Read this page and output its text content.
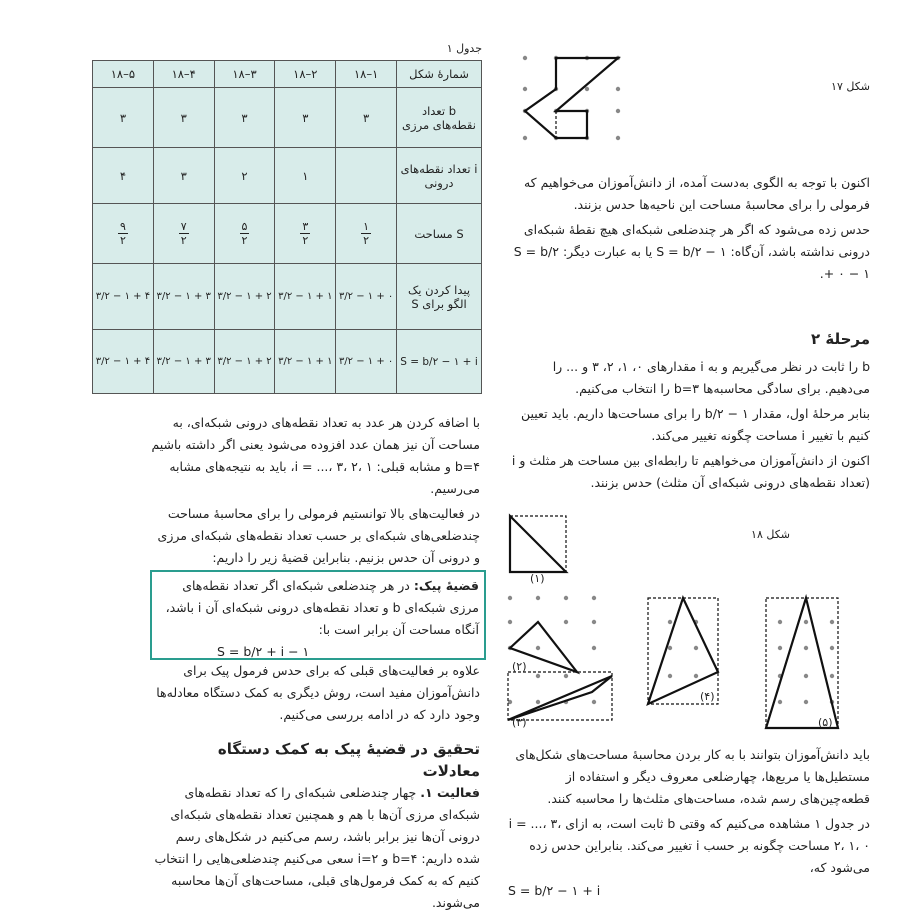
جدول ۱
شمارهٔ شکل	۱–۱۸	۲–۱۸	۳–۱۸	۴–۱۸	۵–۱۸
b تعداد نقطه‌های مرزی	۳	۳	۳	۳	۳
i تعداد نقطه‌های درونی		۱	۲	۳	۴
S مساحت	$\frac{۱}{۲}$	$\frac{۳}{۲}$	$\frac{۵}{۲}$	$\frac{۷}{۲}$	$\frac{۹}{۲}$

پیدا کردن یک الگو برای S	۳/۲ − ۱ + ۰	۳/۲ − ۱ + ۱	۳/۲ − ۱ + ۲	۳/۲ − ۱ + ۳	۳/۲ − ۱ + ۴
S = b/۲ − ۱ + i	۳/۲ − ۱ + ۰	۳/۲ − ۱ + ۱	۳/۲ − ۱ + ۲	۳/۲ − ۱ + ۳	۳/۲ − ۱ + ۴

با اضافه کردن هر عدد به تعداد نقطه‌های درونی شبکه‌ای، به مساحت آن نیز همان عدد افزوده می‌شود یعنی اگر داشته باشیم b=۴ و مشابه قبلی: i = ...، ۳، ۲، ۱، باید به نتیجه‌های مشابه می‌رسیم.

در فعالیت‌های بالا توانستیم فرمولی را برای محاسبهٔ مساحت چندضلعی‌های شبکه‌ای بر حسب تعداد نقطه‌های شبکه‌ای مرزی و درونی آن حدس بزنیم. بنابراین قضیهٔ زیر را داریم:

قضیهٔ پیک: در هر چندضلعی شبکه‌ای اگر تعداد نقطه‌های مرزی شبکه‌ای b و تعداد نقطه‌های درونی شبکه‌ای آن i باشد، آنگاه مساحت آن برابر است با:
S = b/۲ + i − ۱

علاوه بر فعالیت‌های قبلی که برای حدس فرمول پیک برای دانش‌آموزان مفید است، روش دیگری به کمک دستگاه معادله‌ها وجود دارد که در ادامه بررسی می‌کنیم.

تحقیق در قضیهٔ پیک به کمک دستگاه معادلات
فعالیت ۱. چهار چندضلعی شبکه‌ای را که تعداد نقطه‌های شبکه‌ای مرزی آن‌ها با هم و همچنین تعداد نقطه‌های شبکه‌ای درونی آن‌ها نیز برابر باشد، رسم می‌کنیم در شکل‌های رسم شده داریم: b=۴ و i=۲ سعی می‌کنیم چندضلعی‌هایی را انتخاب کنیم که به کمک فرمول‌های قبلی، مساحت‌های آن‌ها محاسبه می‌شوند.
شکل ۱۷

اکنون با توجه به الگوی به‌دست آمده، از دانش‌آموزان می‌خواهیم که فرمولی را برای محاسبهٔ مساحت این ناحیه‌ها حدس بزنند.

حدس زده می‌شود که اگر هر چندضلعی شبکه‌ای هیچ نقطهٔ شبکه‌ای درونی نداشته باشد، آن‌گاه: S = b/۲ − ۱ یا به عبارت دیگر: S = b/۲ + ۰ − ۱.

مرحلهٔ ۲

b را ثابت در نظر می‌گیریم و به i مقدارهای ۰، ۱، ۲، ۳ و ... را می‌دهیم. برای سادگی محاسبه‌ها b=۳ را انتخاب می‌کنیم.

بنابر مرحلهٔ اول، مقدار b/۲ − ۱ را برای مساحت‌ها داریم. باید تعیین کنیم با تغییر i مساحت چگونه تغییر می‌کند.

اکنون از دانش‌آموزان می‌خواهیم تا رابطه‌ای بین مساحت هر مثلث و i (تعداد نقطه‌های درونی شبکه‌ای آن مثلث) حدس بزنند.

شکل ۱۸
(۱)
(۲)
(۳)
(۴)
(۵)

باید دانش‌آموزان بتوانند با به کار بردن محاسبهٔ مساحت‌های شکل‌های مستطیل‌ها یا مربع‌ها، چهارضلعی معروف دیگر و استفاده از قطعه‌چین‌های رسم شده، مساحت‌های مثلث‌ها را محاسبه کنند.

در جدول ۱ مشاهده می‌کنیم که وقتی b ثابت است، به ازای i = ...، ۳، ۲، ۱، ۰ مساحت چگونه بر حسب i تغییر می‌کند. بنابراین حدس زده می‌شود که،

S = b/۲ − ۱ + i
